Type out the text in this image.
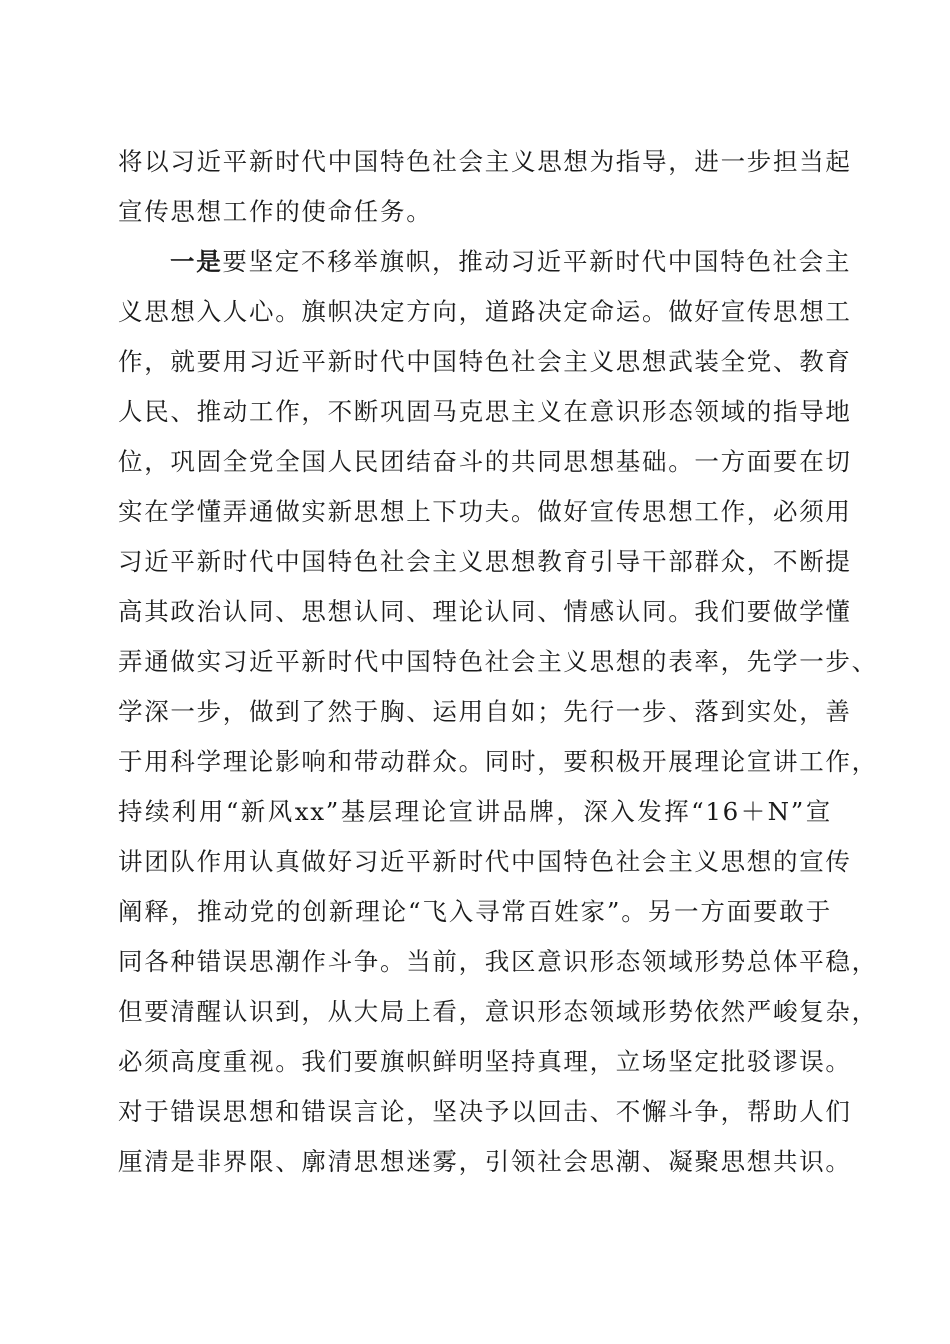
将以习近平新时代中国特色社会主义思想为指导，进一步担当起
宣传思想工作的使命任务。
一是要坚定不移举旗帜，推动习近平新时代中国特色社会主
义思想入人心。旗帜决定方向，道路决定命运。做好宣传思想工
作，就要用习近平新时代中国特色社会主义思想武装全党、教育
人民、推动工作，不断巩固马克思主义在意识形态领域的指导地
位，巩固全党全国人民团结奋斗的共同思想基础。一方面要在切
实在学懂弄通做实新思想上下功夫。做好宣传思想工作，必须用
习近平新时代中国特色社会主义思想教育引导干部群众，不断提
高其政治认同、思想认同、理论认同、情感认同。我们要做学懂
弄通做实习近平新时代中国特色社会主义思想的表率，先学一步、
学深一步，做到了然于胸、运用自如；先行一步、落到实处，善
于用科学理论影响和带动群众。同时，要积极开展理论宣讲工作，
持续利用“新风xx”基层理论宣讲品牌，深入发挥“16＋N”宣
讲团队作用认真做好习近平新时代中国特色社会主义思想的宣传
阐释，推动党的创新理论“飞入寻常百姓家”。另一方面要敢于
同各种错误思潮作斗争。当前，我区意识形态领域形势总体平稳，
但要清醒认识到，从大局上看，意识形态领域形势依然严峻复杂，
必须高度重视。我们要旗帜鲜明坚持真理，立场坚定批驳谬误。
对于错误思想和错误言论，坚决予以回击、不懈斗争，帮助人们
厘清是非界限、廓清思想迷雾，引领社会思潮、凝聚思想共识。
